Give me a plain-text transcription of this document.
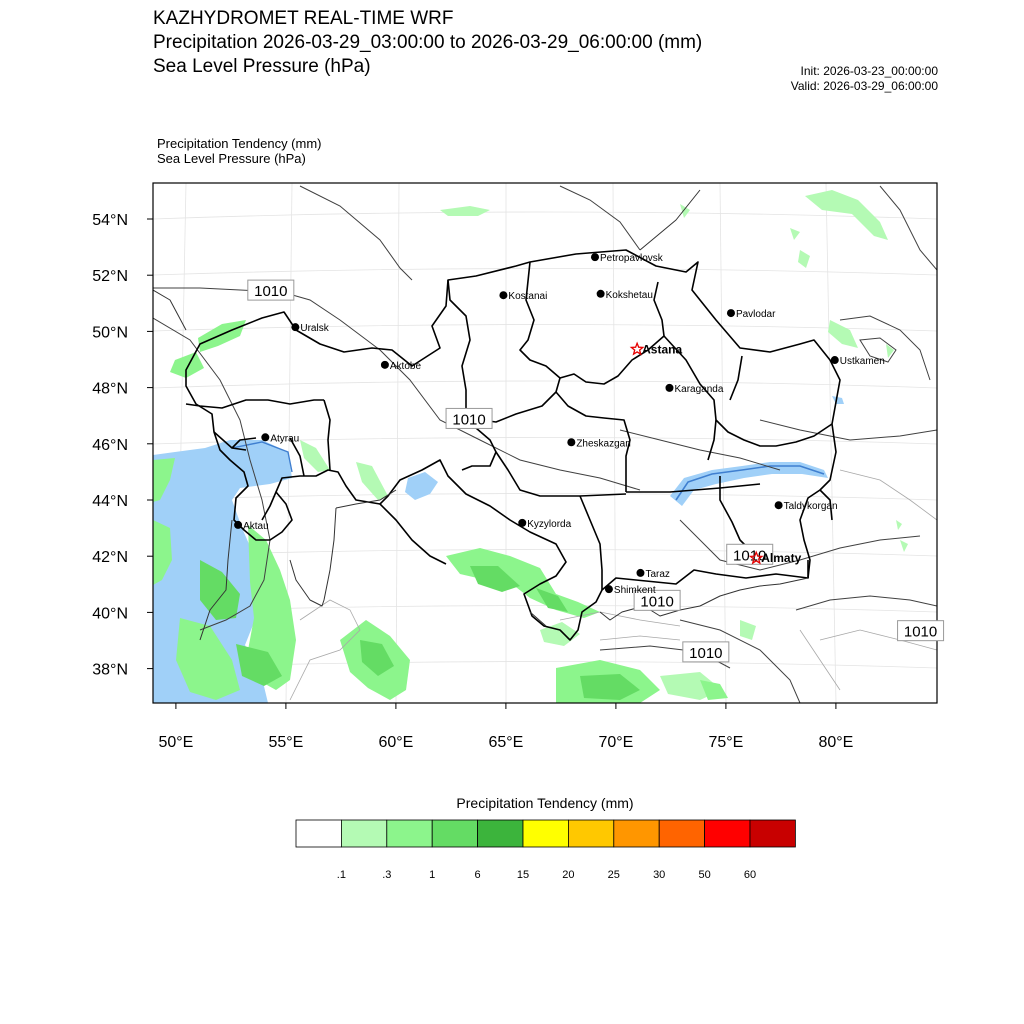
KAZHYDROMET REAL-TIME WRF
Precipitation 2026-03-29_03:00:00 to 2026-03-29_06:00:00 (mm)
Sea Level Pressure (hPa)	Init: 2026-03-23_00:00:00
Valid: 2026-03-29_06:00:00
Precipitation Tendency (mm)
Sea Level Pressure (hPa)
54°N
52°N
50°N
48°N
46°N
44°N
42°N
40°N
38°N
50°E	55°E	60°E	65°E	70°E	75°E	80°E
1010
1010
1010
1010
1010
1010
Petropavlovsk
Kostanai	Kokshetau
Pavlodar
Uralsk
Astana
Ustkamen
Aktobe
Karaganda
Atyrau	Zheskazgan
Taldykorgan
Aktau	Kyzylorda
Almaty
Taraz
Shimkent
Precipitation Tendency (mm)
.1	.3	1	6	15	20	25	30	50	60
